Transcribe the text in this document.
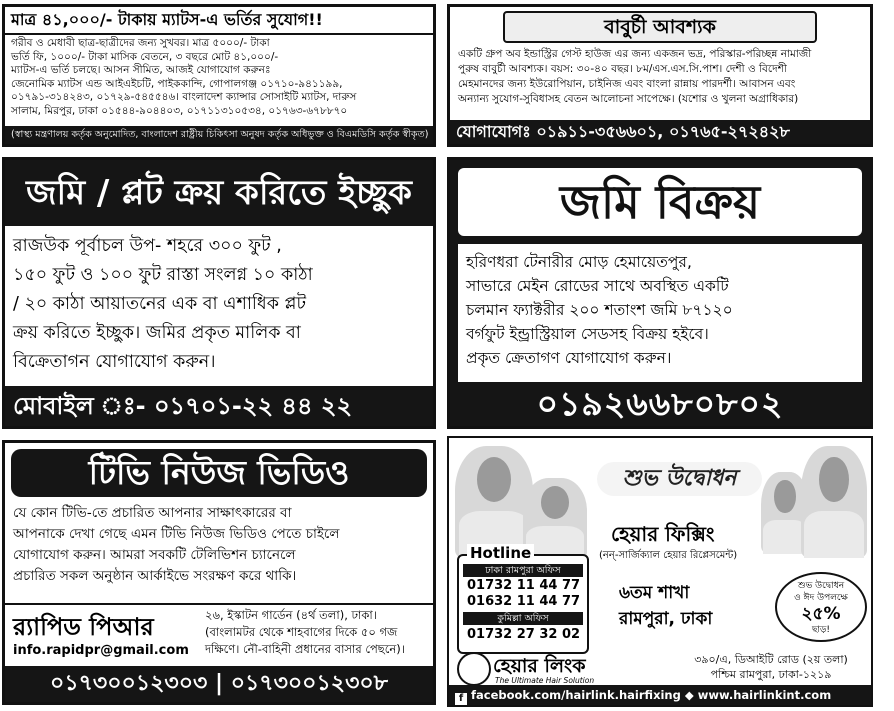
মাত্র ৪১,০০০/- টাকায় ম্যাটস-এ ভর্তির সুযোগ!!
গরীব ও মেধাবী ছাত্র-ছাত্রীদের জন্য সুখবর। মাত্র ৫০০০/- টাকা
ভর্তি ফি, ১০০০/- টাকা মাসিক বেতনে, ৩ বছরে মোট ৪১,০০০/-
ম্যাটস-এ ভর্তি চলছে। আসন সীমিত, আজই যোগাযোগ করুনঃ
জেনোমিক ম্যাটস এন্ড আইএইচটি, পাইককান্দি, গোপালগঞ্জ ০১৭১০-৯৪১১৯৯,
০১৭৯১-৩১৪২৪৩, ০১৭২৯-৫৪৫৫৪৬। বাংলাদেশ ক্যান্সার সোসাইটি ম্যাটস, দারুস
সালাম, মিরপুর, ঢাকা ০১৫৪৪-৯০৪৪০৩, ০১৭১১৩১০৫৩৪, ০১৭৬৩-৬৭৮৮৭০
(স্বাস্থ্য মন্ত্রণালয় কর্তৃক অনুমোদিত, বাংলাদেশ রাষ্ট্রীয় চিকিৎসা অনুষদ কর্তৃক অধিভুক্ত ও বিএমডিসি কর্তৃক স্বীকৃত)
বাবুর্চী আবশ্যক
একটি গ্রুপ অব ইন্ডাস্ট্রির গেস্ট হাউজ এর জন্য একজন ভদ্র, পরিস্কার-পরিচ্ছন্ন নামাজী
পুরুষ বাবুর্চী আবশ্যক। বয়স: ৩০-৪০ বছর। ৮ম/এস.এস.সি.পাশ। দেশী ও বিদেশী
মেহমানদের জন্য ইউরোপিয়ান, চাইনিজ এবং বাংলা রান্নায় পারদর্শী। আবাসন এবং
অন্যান্য সুযোগ-সুবিধাসহ বেতন আলোচনা সাপেক্ষে। (যশোর ও খুলনা অগ্রাধিকার)
যোগাযোগঃ ০১৯১১-৩৫৬৬০১, ০১৭৬৫-২৭২৪২৮
জমি / প্লট ক্রয় করিতে ইচ্ছুক
রাজউক পূর্বাচল উপ- শহরে ৩০০ ফুট ,
১৫০ ফুট ও ১০০ ফুট রাস্তা সংলগ্ন ১০ কাঠা
/ ২০ কাঠা আয়াতনের এক বা এশাধিক প্লট
ক্রয় করিতে ইচ্ছুক। জমির প্রকৃত মালিক বা
বিক্রেতাগন যোগাযোগ করুন।
মোবাইল ঃ- ০১৭০১-২২ ৪৪ ২২
জমি বিক্রয়
হরিণধরা টেনারীর মোড় হেমায়েতপুর,
সাভারে মেইন রোডের সাথে অবস্থিত একটি
চলমান ফ্যাক্টরীর ২০০ শতাংশ জমি ৮৭১২০
বর্গফুট ইন্ড্রাস্ট্রিয়াল সেডসহ বিক্রয় হইবে।
প্রকৃত ক্রেতাগণ যোগাযোগ করুন।
০১৯২৬৬৮০৮০২
টিভি নিউজ ভিডিও
যে কোন টিভি-তে প্রচারিত আপনার সাক্ষাৎকারের বা
আপনাকে দেখা গেছে এমন টিভি নিউজ ভিডিও পেতে চাইলে
যোগাযোগ করুন। আমরা সবকটি টেলিভিশন চ্যানেলে
প্রচারিত সকল অনুষ্ঠান আর্কাইভে সংরক্ষণ করে থাকি।
র‍্যাপিড পিআর
info.rapidpr@gmail.com
২৬, ইস্কাটন গার্ডেন (৪র্থ তলা), ঢাকা।
(বাংলামটর থেকে শাহবাগের দিকে ৫০ গজ
দক্ষিণে। নৌ-বাহিনী প্রধানের বাসার পেছনে)।
০১৭৩০০১২৩০৩ | ০১৭৩০০১২৩০৮
শুভ উদ্বোধন
হেয়ার ফিক্সিং
(নন্‌-সার্জিক্যাল হেয়ার রিপ্লেসমেন্ট)
Hotline
ঢাকা রামপুরা অফিস
01732 11 44 77
01632 11 44 77
কুমিল্লা অফিস
01732 27 32 02
৬তম শাখা
রামপুরা, ঢাকা
শুভ উদ্বোধন
ও ঈদ উপলক্ষে
২৫%
ছাড়!
হেয়ার লিংক
The Ultimate Hair Solution
৩৯০/এ, ডিআইটি রোড (২য় তলা)
পশ্চিম রামপুরা, ঢাকা-১২১৯
f facebook.com/hairlink.hairfixing ◆ www.hairlinkint.com
